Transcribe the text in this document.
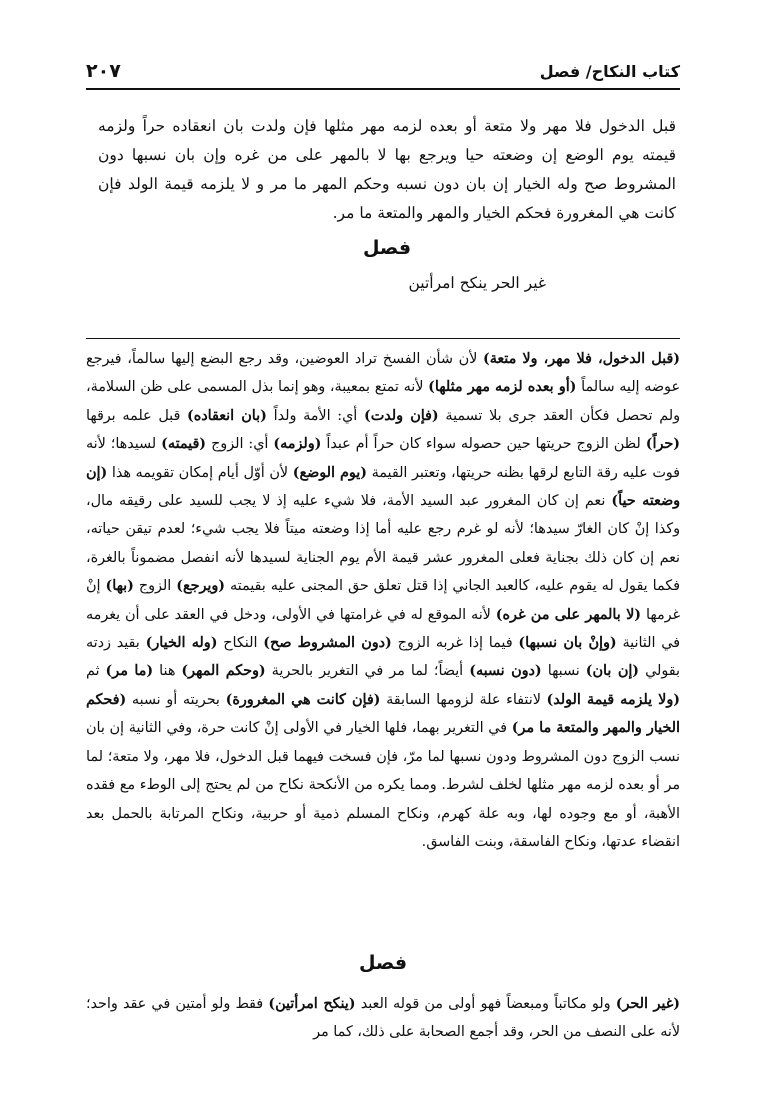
كتاب النكاح/ فصل
٢٠٧

قبل الدخول فلا مهر ولا متعة أو بعده لزمه مهر مثلها فإن ولدت بان انعقاده حراً ولزمه قيمته يوم الوضع إن وضعته حيا ويرجع بها لا بالمهر على من غره وإن بان نسبها دون المشروط صح وله الخيار إن بان دون نسبه وحكم المهر ما مر و لا يلزمه قيمة الولد فإن كانت هي المغرورة فحكم الخيار والمهر والمتعة ما مر.

فصل

غير الحر ينكح امرأتين

(قبل الدخول، فلا مهر، ولا متعة) لأن شأن الفسخ تراد العوضين، وقد رجع البضع إليها سالماً، فيرجع عوضه إليه سالماً (أو بعده لزمه مهر مثلها) لأنه تمتع بمعيبة، وهو إنما بذل المسمى على ظن السلامة، ولم تحصل فكأن العقد جرى بلا تسمية (فإن ولدت) أي: الأمة ولداً (بان انعقاده) قبل علمه برقها (حراً) لظن الزوج حريتها حين حصوله سواء كان حراً أم عبداً (ولزمه) أي: الزوج (قيمته) لسيدها؛ لأنه فوت عليه رقة التابع لرقها بظنه حريتها، وتعتبر القيمة (يوم الوضع) لأن أوّل أيام إمكان تقويمه هذا (إن وضعته حياً) نعم إن كان المغرور عبد السيد الأمة، فلا شيء عليه إذ لا يجب للسيد على رقيقه مال، وكذا إنْ كان الغارّ سيدها؛ لأنه لو غرم رجع عليه أما إذا وضعته ميتاً فلا يجب شيء؛ لعدم تيقن حياته، نعم إن كان ذلك بجناية فعلى المغرور عشر قيمة الأم يوم الجناية لسيدها لأنه انفصل مضموناً بالغرة، فكما يقول له يقوم عليه، كالعبد الجاني إذا قتل تعلق حق المجنى عليه بقيمته (ويرجع) الزوج (بها) إنْ غرمها (لا بالمهر على من غره) لأنه الموقع له في غرامتها في الأولى، ودخل في العقد على أن يغرمه في الثانية (وإنْ بان نسبها) فيما إذا غربه الزوج (دون المشروط صح) النكاح (وله الخيار) بقيد زدته بقولي (إن بان) نسبها (دون نسبه) أيضاً؛ لما مر في التغرير بالحرية (وحكم المهر) هنا (ما مر) ثم (ولا يلزمه قيمة الولد) لانتفاء علة لزومها السابقة (فإن كانت هي المغرورة) بحريته أو نسبه (فحكم الخيار والمهر والمتعة ما مر) في التغرير بهما، فلها الخيار في الأولى إنْ كانت حرة، وفي الثانية إن بان نسب الزوج دون المشروط ودون نسبها لما مرّ، فإن فسخت فيهما قبل الدخول، فلا مهر، ولا متعة؛ لما مر أو بعده لزمه مهر مثلها لخلف لشرط. ومما يكره من الأنكحة نكاح من لم يحتج إلى الوطء مع فقده الأهبة، أو مع وجوده لها، وبه علة كهرم، ونكاح المسلم ذمية أو حربية، ونكاح المرتابة بالحمل بعد انقضاء عدتها، ونكاح الفاسقة، وبنت الفاسق.

فصل

(غير الحر) ولو مكاتباً ومبعضاً فهو أولى من قوله العبد (ينكح امرأتين) فقط ولو أمتين في عقد واحد؛ لأنه على النصف من الحر، وقد أجمع الصحابة على ذلك، كما مر
